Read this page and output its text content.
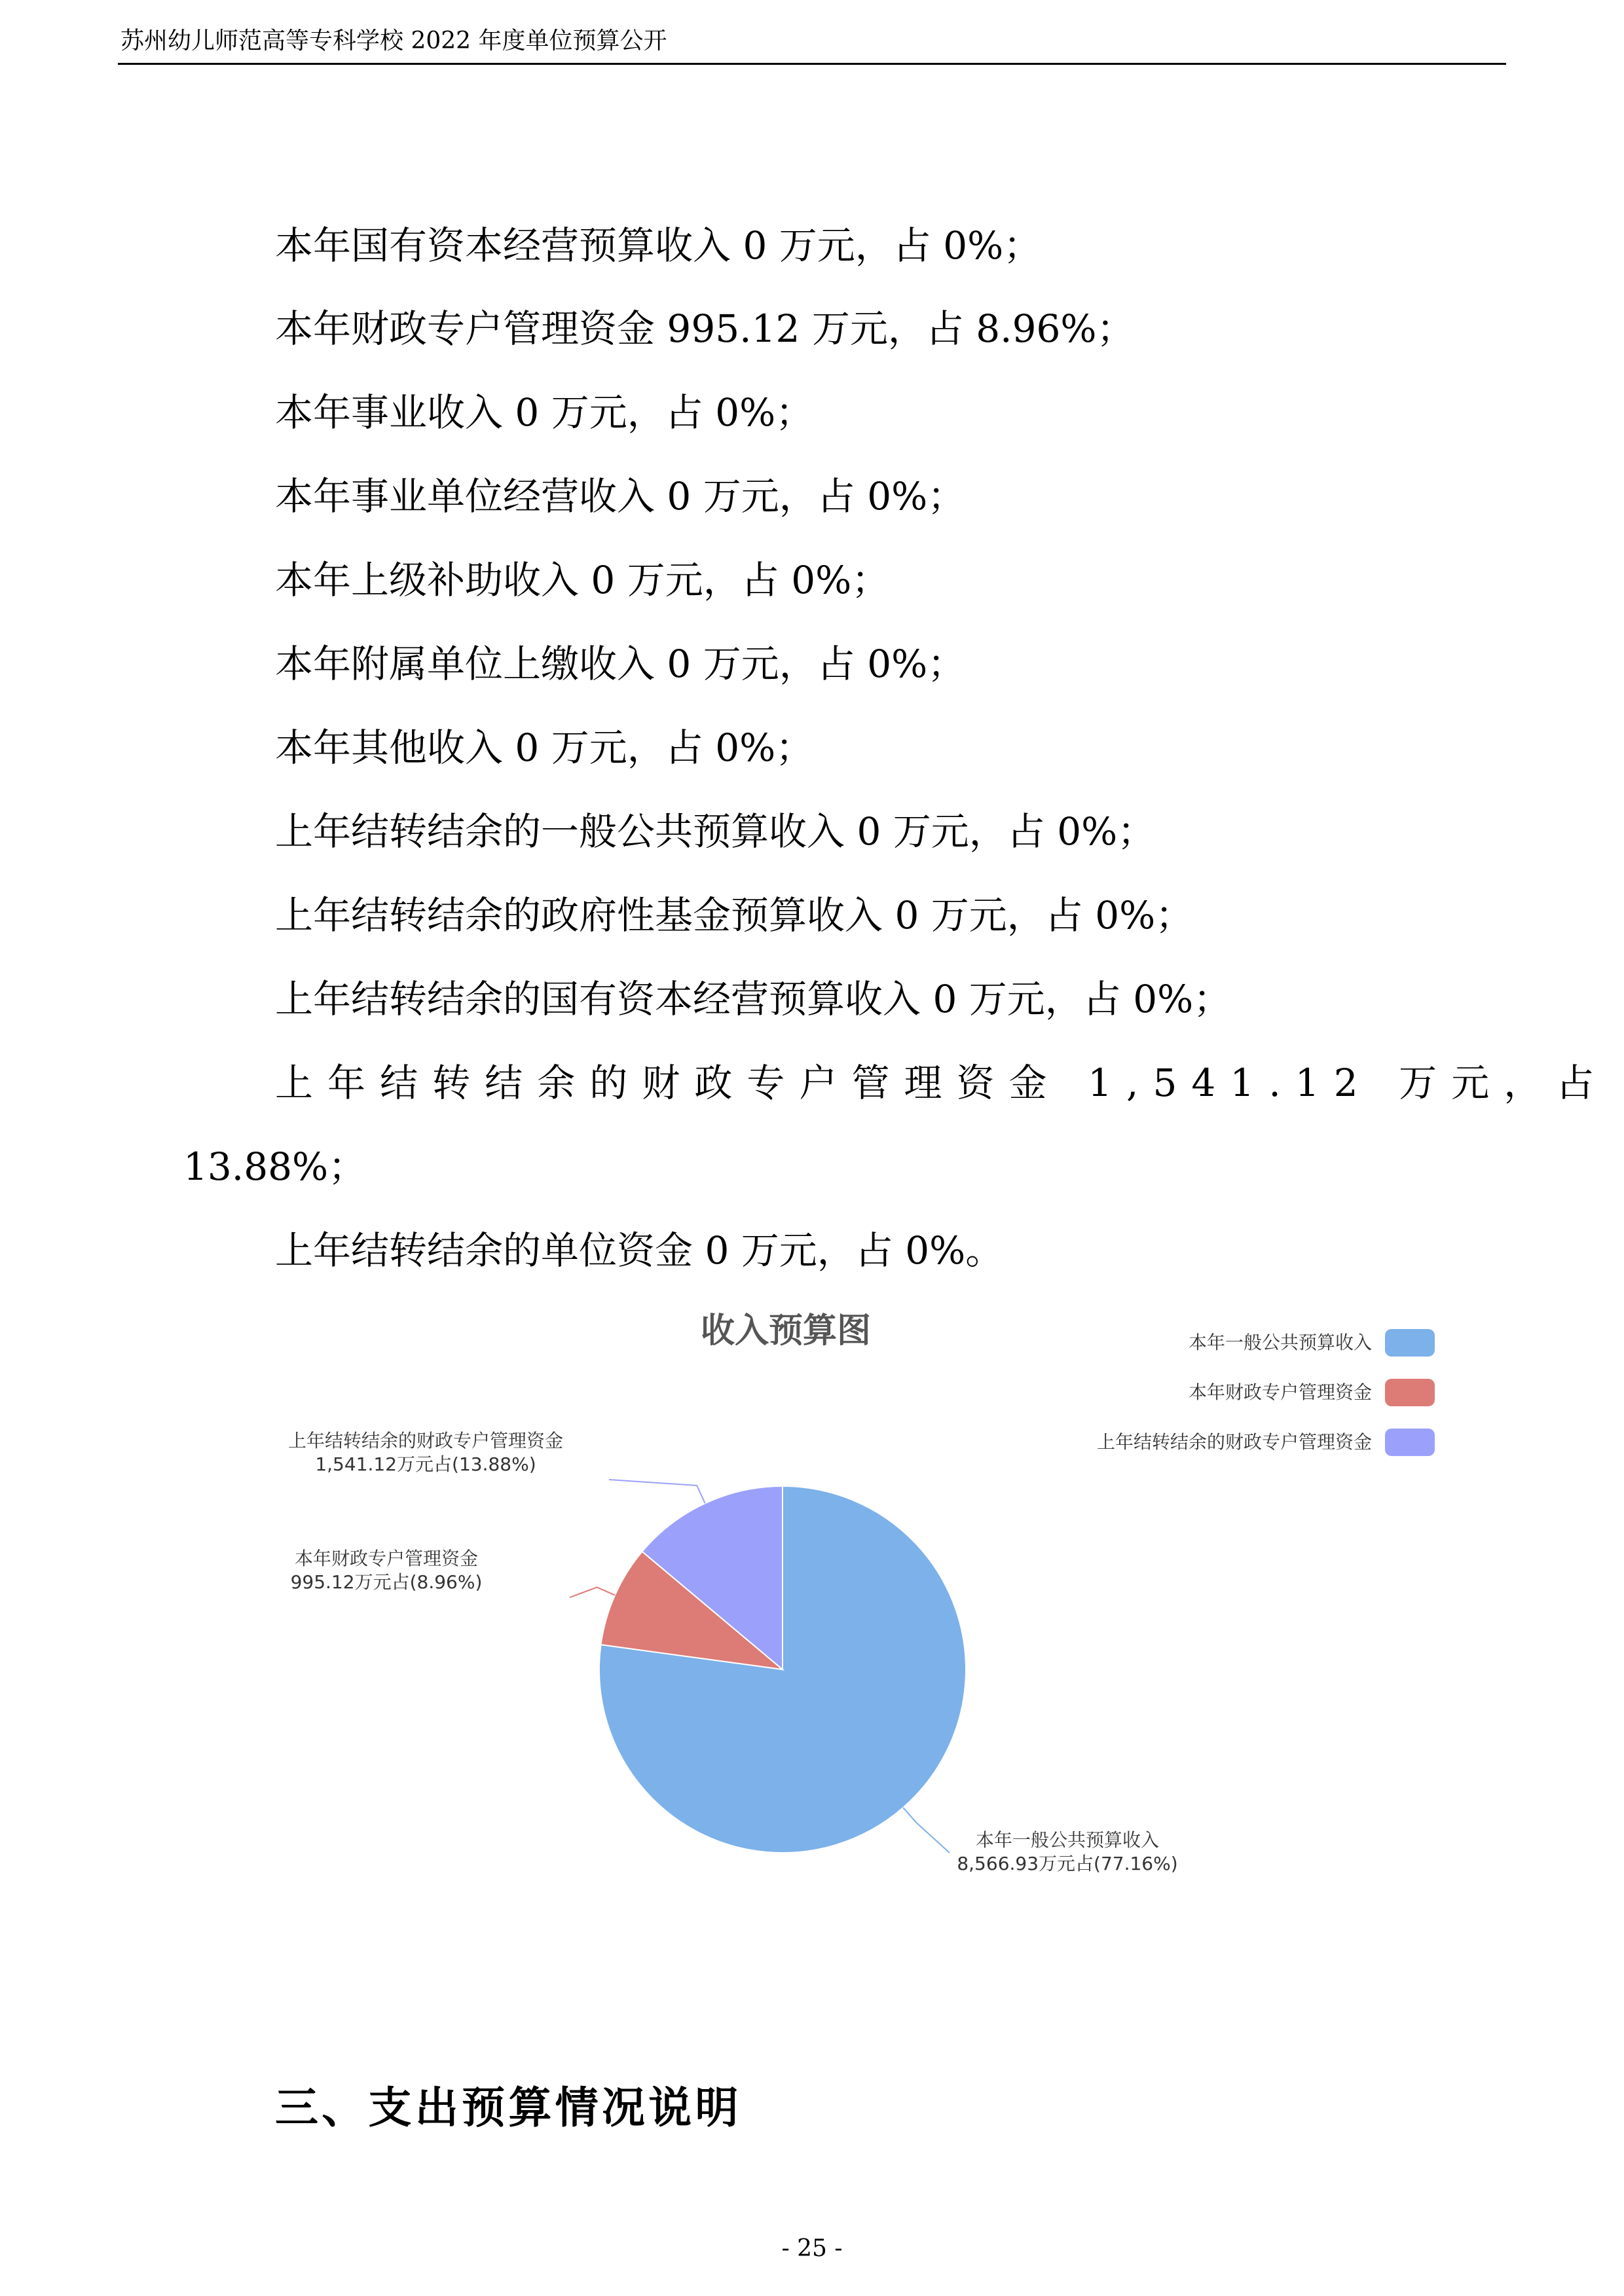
苏州幼儿师范高等专科学校 2022 年度单位预算公开
本年国有资本经营预算收入 0 万元，占 0%；
本年财政专户管理资金 995.12 万元，占 8.96%；
本年事业收入 0 万元，占 0%；
本年事业单位经营收入 0 万元，占 0%；
本年上级补助收入 0 万元，占 0%；
本年附属单位上缴收入 0 万元，占 0%；
本年其他收入 0 万元，占 0%；
上年结转结余的一般公共预算收入 0 万元，占 0%；
上年结转结余的政府性基金预算收入 0 万元，占 0%；
上年结转结余的国有资本经营预算收入 0 万元，占 0%；
上年结转结余的财政专户管理资金 1,541.12 万元，占
13.88%；
上年结转结余的单位资金 0 万元，占 0%。
收入预算图	本年一般公共预算收入
本年财政专户管理资金
上年结转结余的财政专户管理资金
本年一般公共预算收入
8,566.93万元占(77.16%)
本年财政专户管理资金
995.12万元占(8.96%)
上年结转结余的财政专户管理资金
1,541.12万元占(13.88%)
三、支出预算情况说明
- 25 -
